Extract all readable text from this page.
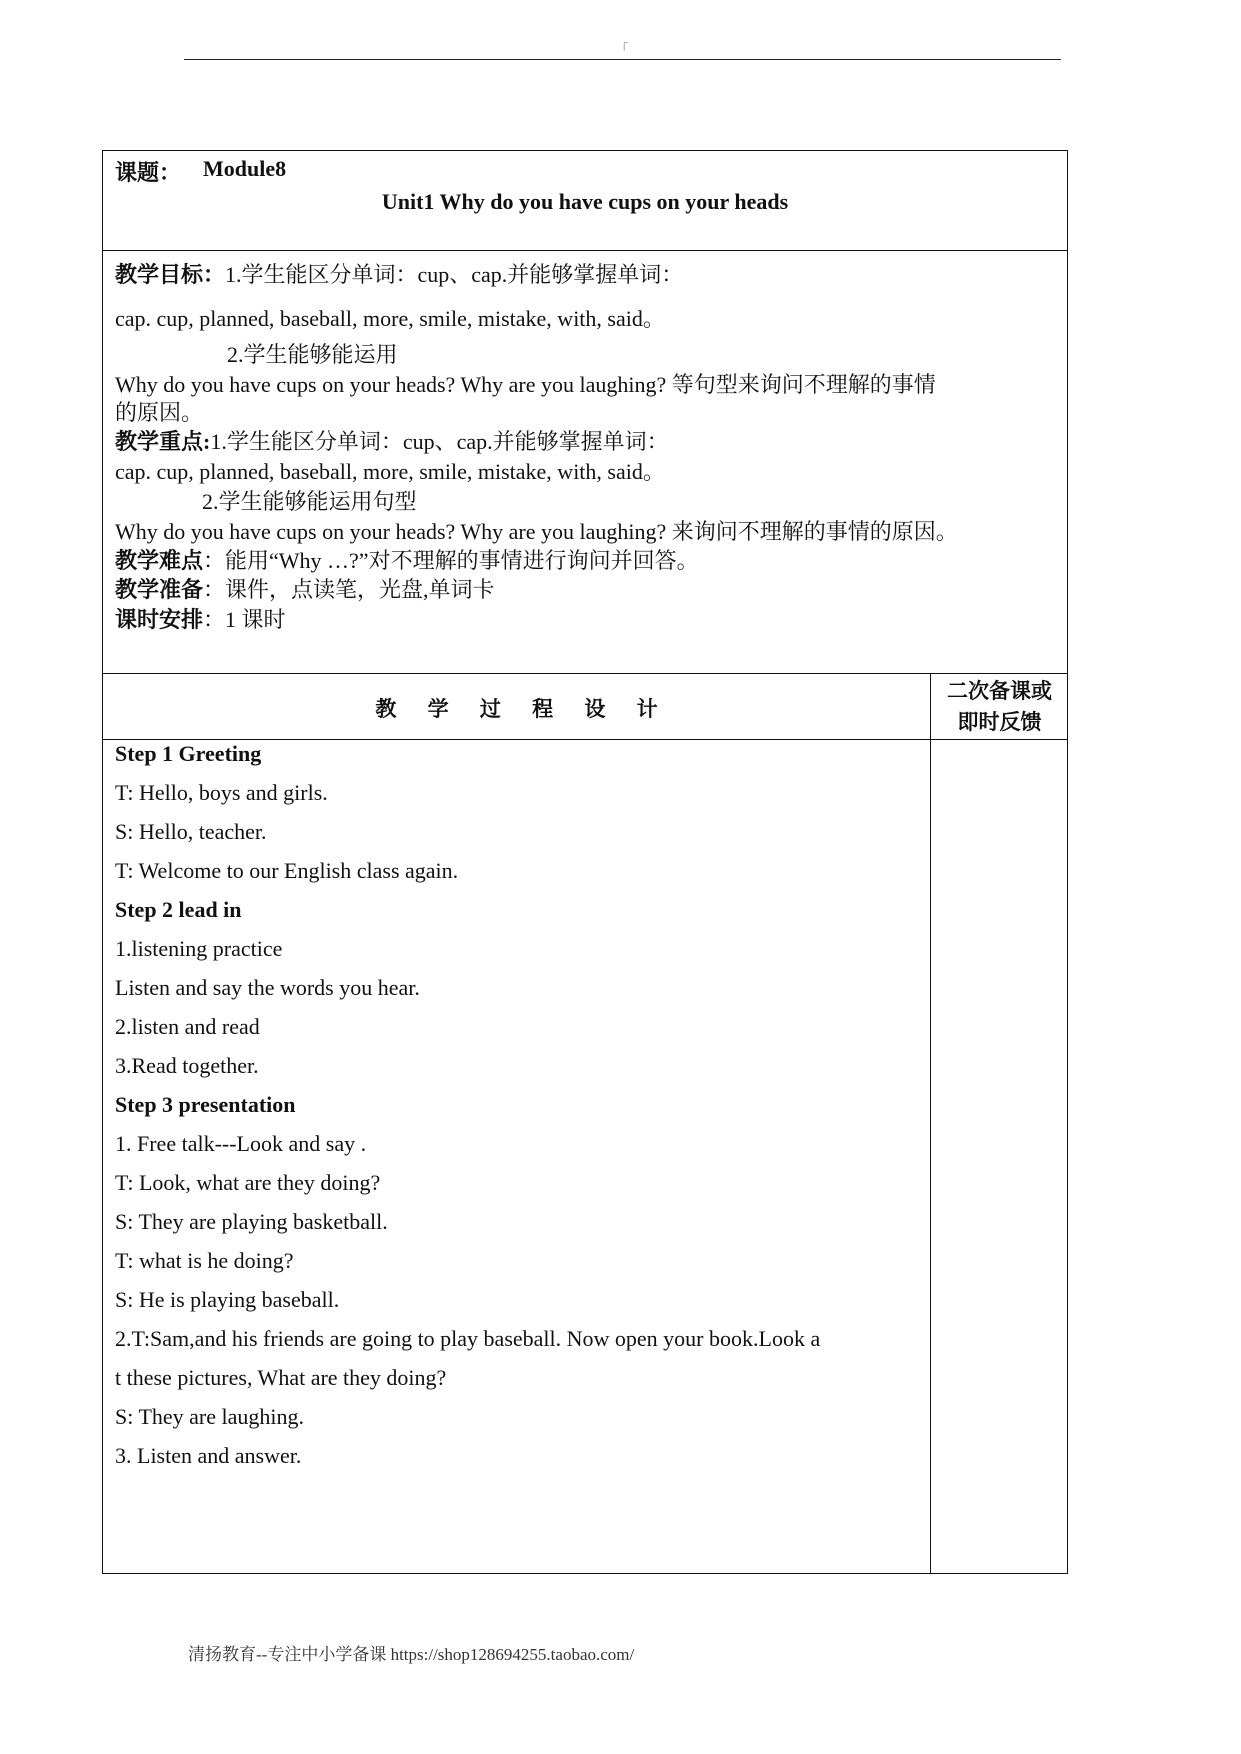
「
课题： Module8
Unit1 Why do you have cups on your heads
教学目标：1.学生能区分单词：cup、cap.并能够掌握单词：
cap. cup, planned, baseball, more, smile, mistake, with, said。
2.学生能够能运用
Why do you have cups on your heads? Why are you laughing? 等句型来询问不理解的事情
的原因。
教学重点:1.学生能区分单词：cup、cap.并能够掌握单词：
cap. cup, planned, baseball, more, smile, mistake, with, said。
2.学生能够能运用句型
Why do you have cups on your heads? Why are you laughing? 来询问不理解的事情的原因。
教学难点：能用“Why …?”对不理解的事情进行询问并回答。
教学准备：课件，点读笔，光盘,单词卡
课时安排：1 课时
教 学 过 程 设 计
二次备课或
即时反馈
Step 1 Greeting
T: Hello, boys and girls.
S: Hello, teacher.
T: Welcome to our English class again.
Step 2 lead in
1.listening practice
Listen and say the words you hear.
2.listen and read
3.Read together.
Step 3 presentation
1. Free talk---Look and say .
T: Look, what are they doing?
S: They are playing basketball.
T: what is he doing?
S: He is playing baseball.
2.T:Sam,and his friends are going to play baseball. Now open your book.Look a
t these pictures, What are they doing?
S: They are laughing.
3. Listen and answer.
清扬教育--专注中小学备课 https://shop128694255.taobao.com/
